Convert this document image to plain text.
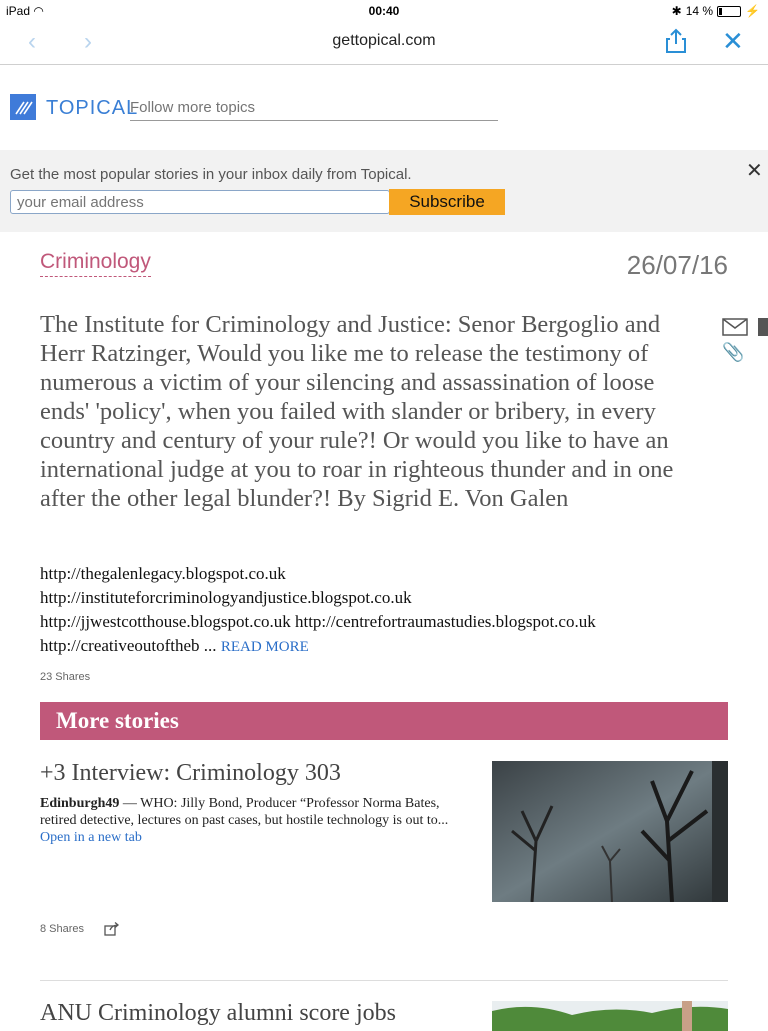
iPad ◠	00:40	✱ 14 %	⚡
‹ ›	gettopical.com	✕
TOPICAL
Follow more topics
Get the most popular stories in your inbox daily from Topical.
your email address
Subscribe
✕
Criminology	26/07/16
The Institute for Criminology and Justice: Senor Bergoglio and Herr Ratzinger, Would you like me to release the testimony of numerous a victim of your silencing and assassination of loose ends' 'policy', when you failed with slander or bribery, in every country and century of your rule?! Or would you like to have an international judge at you to roar in righteous thunder and in one after the other legal blunder?! By Sigrid E. Von Galen
📎
http://thegalenlegacy.blogspot.co.uk
http://instituteforcriminologyandjustice.blogspot.co.uk
http://jjwestcotthouse.blogspot.co.uk http://centrefortraumastudies.blogspot.co.uk
http://creativeoutoftheb ... READ MORE
23 Shares
More stories
+3 Interview: Criminology 303
Edinburgh49 — WHO: Jilly Bond, Producer “Professor Norma Bates, retired detective, lectures on past cases, but hostile technology is out to... Open in a new tab
8 Shares
ANU Criminology alumni score jobs
